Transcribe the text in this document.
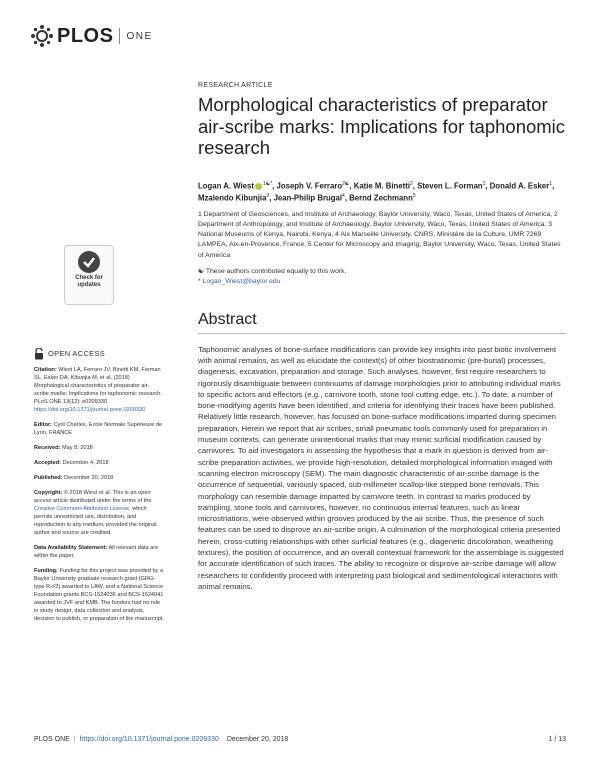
PLOS ONE
Check for
updates
OPEN ACCESS

Citation: Wiest LA, Ferraro JV, Binetti KM, Forman SL, Esker DA, Kibunjia M, et al. (2018) Morphological characteristics of preparator air-scribe marks: Implications for taphonomic research. PLoS ONE 13(12): e0209330. https://doi.org/10.1371/journal.pone.0209330

Editor: Cyril Charles, Ecole Normale Supérieure de Lyon, FRANCE

Received: May 8, 2018

Accepted: December 4, 2018

Published: December 20, 2018

Copyright: © 2018 Wiest et al. This is an open access article distributed under the terms of the Creative Commons Attribution License, which permits unrestricted use, distribution, and reproduction in any medium, provided the original author and source are credited.

Data Availability Statement: All relevant data are within the paper.

Funding: Funding for this project was provided by a Baylor University graduate research grant (GRG-type R-#2) awarded to LAW, and a National Science Foundation grants BCS-1524036 and BCS-1524041 awarded to JVF and KMB. The funders had no role in study design, data collection and analysis, decision to publish, or preparation of the manuscript.

RESEARCH ARTICLE
Morphological characteristics of preparator air-scribe marks: Implications for taphonomic research
Logan A. Wiest $^{1☯*}$, Joseph V. Ferraro$^{2☯}$, Katie M. Binetti$^2$, Steven L. Forman$^1$, Donald A. Esker$^1$, Mzalendo Kibunjia$^3$, Jean-Philip Brugal$^4$, Bernd Zechmann$^5$
1 Department of Geosciences, and Institute of Archaeology, Baylor University, Waco, Texas, United States of America, 2 Department of Anthropology, and Institute of Archaeology, Baylor University, Waco, Texas, United States of America, 3 National Museums of Kenya, Nairobi, Kenya, 4 Aix Marseille University, CNRS, Ministère de la Culture, UMR 7269 LAMPEA, Aix-en-Provence, France, 5 Center for Microscopy and Imaging, Baylor University, Waco, Texas, United States of America
☯ These authors contributed equally to this work.
* Logan_Wiest@baylor.edu
Abstract
Taphonomic analyses of bone-surface modifications can provide key insights into past biotic involvement with animal remains, as well as elucidate the context(s) of other biostratinomic (pre-burial) processes, diagenesis, excavation, preparation and storage. Such analyses, however, first require researchers to rigorously disambiguate between continuums of damage morphologies prior to attributing individual marks to specific actors and effectors (e.g., carnivore tooth, stone tool cutting edge, etc.). To date, a number of bone-modifying agents have been identified, and criteria for identifying their traces have been published. Relatively little research, however, has focused on bone-surface modifications imparted during specimen preparation. Herein we report that air scribes, small pneumatic tools commonly used for preparation in museum contexts, can generate unintentional marks that may mimic surficial modification caused by carnivores. To aid investigators in assessing the hypothesis that a mark in question is derived from air-scribe preparation activities, we provide high-resolution, detailed morphological information imaged with scanning electron microscopy (SEM). The main diagnostic characteristic of air-scribe damage is the occurrence of sequential, variously spaced, sub-millimeter scallop-like stepped bone removals. This morphology can resemble damage imparted by carnivore teeth. In contrast to marks produced by trampling, stone tools and carnivores, however, no continuous internal features, such as linear microstriations, were observed within grooves produced by the air scribe. Thus, the presence of such features can be used to disprove an air-scribe origin. A culmination of the morphological criteria presented herein, cross-cutting relationships with other surficial features (e.g., diagenetic discoloration, weathering textures), the position of occurrence, and an overall contextual framework for the assemblage is suggested for accurate identification of such traces. The ability to recognize or disprove air-scribe damage will allow researchers to confidently proceed with interpreting past biological and sedimentological interactions with animal remains.
PLOS ONE | https://doi.org/10.1371/journal.pone.0209330 December 20, 2018	1 / 13
